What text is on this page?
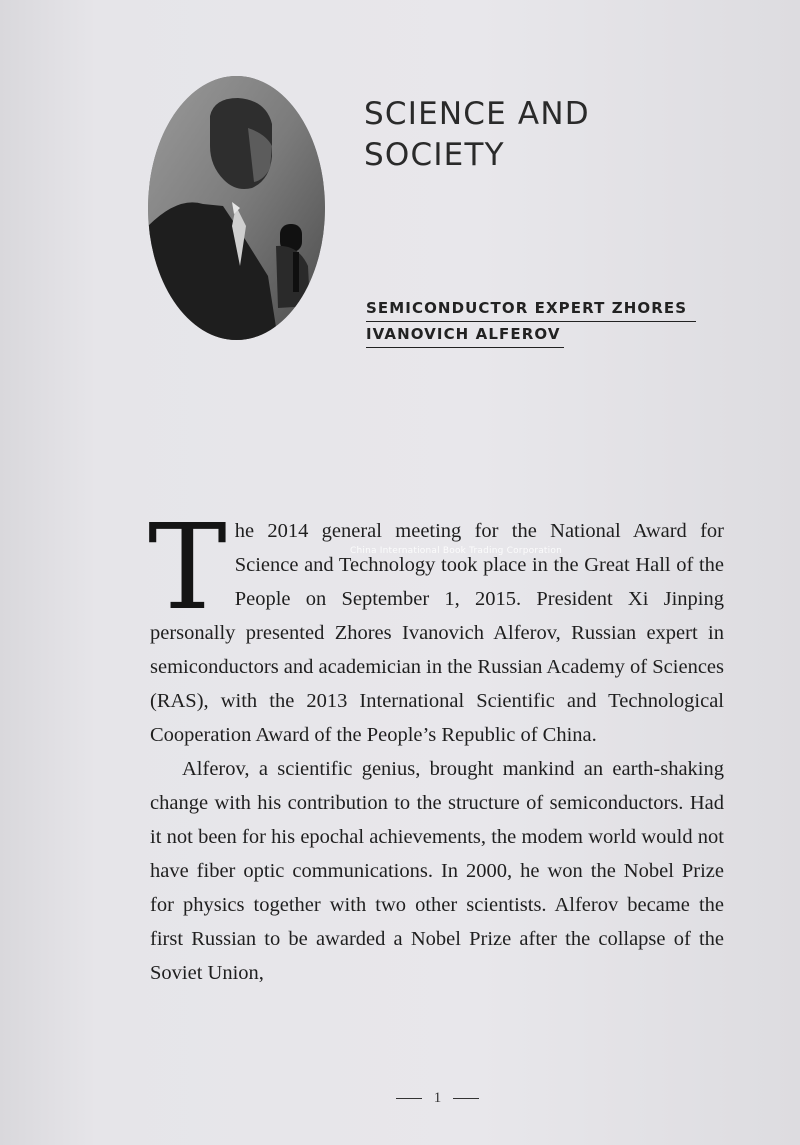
SCIENCE AND
SOCIETY
SEMICONDUCTOR EXPERT ZHORES
IVANOVICH ALFEROV

The 2014 general meeting for the National Award for Science and Technology took place in the Great Hall of the People on September 1, 2015. President Xi Jinping personally presented Zhores Ivanovich Alferov, Russian expert in semiconductors and academician in the Russian Academy of Sciences (RAS), with the 2013 International Scientific and Technological Cooperation Award of the People’s Republic of China.

Alferov, a scientific genius, brought mankind an earth-shaking change with his contribution to the structure of semiconductors. Had it not been for his epochal achievements, the modem world would not have fiber optic communications. In 2000, he won the Nobel Prize for physics together with two other scientists. Alferov became the first Russian to be awarded a Nobel Prize after the collapse of the Soviet Union,

China International Book Trading Corporation
1
